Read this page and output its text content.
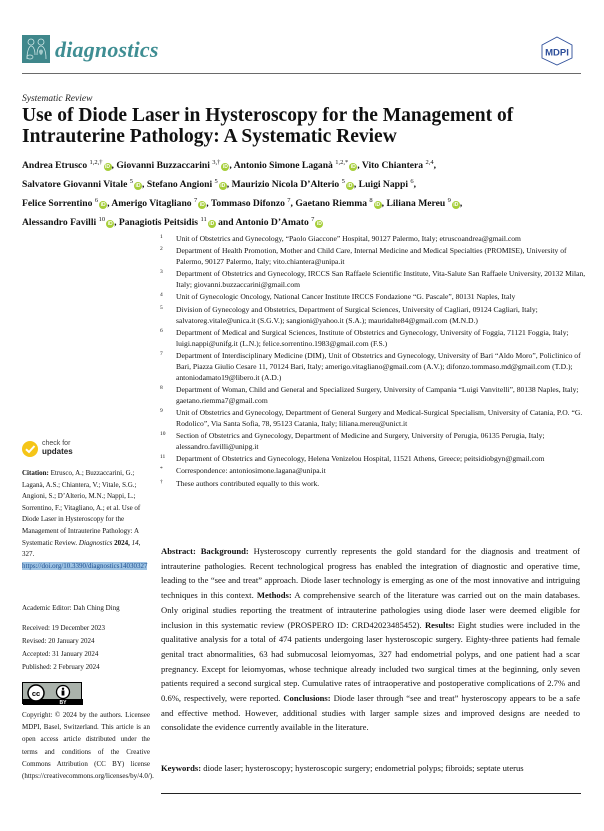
diagnostics	MDPI
Systematic Review
Use of Diode Laser in Hysteroscopy for the Management of Intrauterine Pathology: A Systematic Review
Andrea Etrusco $^{1,2,\dagger}$iD , Giovanni Buzzaccarini $^{3,\dagger}$iD , Antonio Simone Laganà $^{1,2,*}$iD , Vito Chiantera $^{2,4}$,
Salvatore Giovanni Vitale $^5$iD , Stefano Angioni $^5$iD , Maurizio Nicola D’Alterio $^5$iD , Luigi Nappi $^6$,
Felice Sorrentino $^6$iD , Amerigo Vitagliano $^7$iD , Tommaso Difonzo $^7$, Gaetano Riemma $^8$iD , Liliana Mereu $^9$iD ,
Alessandro Favilli $^{10}$iD , Panagiotis Peitsidis $^{11}$iD and Antonio D’Amato $^7$iD
1 Unit of Obstetrics and Gynecology, “Paolo Giaccone” Hospital, 90127 Palermo, Italy; etruscoandrea@gmail.com
2 Department of Health Promotion, Mother and Child Care, Internal Medicine and Medical Specialties (PROMISE), University of Palermo, 90127 Palermo, Italy; vito.chiantera@unipa.it
3 Department of Obstetrics and Gynecology, IRCCS San Raffaele Scientific Institute, Vita-Salute San Raffaele University, 20132 Milan, Italy; giovanni.buzzaccarini@gmail.com
4 Unit of Gynecologic Oncology, National Cancer Institute IRCCS Fondazione “G. Pascale”, 80131 Naples, Italy
5 Division of Gynecology and Obstetrics, Department of Surgical Sciences, University of Cagliari, 09124 Cagliari, Italy; salvatoreg.vitale@unica.it (S.G.V.); sangioni@yahoo.it (S.A.); mauridalte84@gmail.com (M.N.D.)
6 Department of Medical and Surgical Sciences, Institute of Obstetrics and Gynecology, University of Foggia, 71121 Foggia, Italy; luigi.nappi@unifg.it (L.N.); felice.sorrentino.1983@gmail.com (F.S.)
7 Department of Interdisciplinary Medicine (DIM), Unit of Obstetrics and Gynecology, University of Bari “Aldo Moro”, Policlinico of Bari, Piazza Giulio Cesare 11, 70124 Bari, Italy; amerigo.vitagliano@gmail.com (A.V.); difonzo.tommaso.md@gmail.com (T.D.); antoniodamato19@libero.it (A.D.)
8 Department of Woman, Child and General and Specialized Surgery, University of Campania “Luigi Vanvitelli”, 80138 Naples, Italy; gaetano.riemma7@gmail.com
9 Unit of Obstetrics and Gynecology, Department of General Surgery and Medical-Surgical Specialism, University of Catania, P.O. “G. Rodolico”, Via Santa Sofia, 78, 95123 Catania, Italy; liliana.mereu@unict.it
10 Section of Obstetrics and Gynecology, Department of Medicine and Surgery, University of Perugia, 06135 Perugia, Italy; alessandro.favilli@unipg.it
11 Department of Obstetrics and Gynecology, Helena Venizelou Hospital, 11521 Athens, Greece; peitsidiobgyn@gmail.com
* Correspondence: antoniosimone.lagana@unipa.it
† These authors contributed equally to this work.
check for
updates
Citation: Etrusco, A.; Buzzaccarini, G.; Laganà, A.S.; Chiantera, V.; Vitale, S.G.; Angioni, S.; D’Alterio, M.N.; Nappi, L.; Sorrentino, F.; Vitagliano, A.; et al. Use of Diode Laser in Hysteroscopy for the Management of Intrauterine Pathology: A Systematic Review. Diagnostics 2024, 14, 327. https://doi.org/10.3390/diagnostics14030327
Academic Editor: Dah Ching Ding
Received: 19 December 2023
Revised: 20 January 2024
Accepted: 31 January 2024
Published: 2 February 2024
cc
BY
Copyright: © 2024 by the authors. Licensee MDPI, Basel, Switzerland. This article is an open access article distributed under the terms and conditions of the Creative Commons Attribution (CC BY) license (https://creativecommons.org/licenses/by/4.0/).
Abstract: Background: Hysteroscopy currently represents the gold standard for the diagnosis and treatment of intrauterine pathologies. Recent technological progress has enabled the integration of diagnostic and operative time, leading to the “see and treat” approach. Diode laser technology is emerging as one of the most innovative and intriguing techniques in this context. Methods: A comprehensive search of the literature was carried out on the main databases. Only original studies reporting the treatment of intrauterine pathologies using diode laser were deemed eligible for inclusion in this systematic review (PROSPERO ID: CRD42023485452). Results: Eight studies were included in the qualitative analysis for a total of 474 patients undergoing laser hysteroscopic surgery. Eighty-three patients had female genital tract abnormalities, 63 had submucosal leiomyomas, 327 had endometrial polyps, and one patient had a scar pregnancy. Except for leiomyomas, whose technique already included two surgical times at the beginning, only seven patients required a second surgical step. Cumulative rates of intraoperative and postoperative complications of 2.7% and 0.6%, respectively, were reported. Conclusions: Diode laser through “see and treat” hysteroscopy appears to be a safe and effective method. However, additional studies with larger sample sizes and improved designs are needed to consolidate the evidence currently available in the literature.
Keywords: diode laser; hysteroscopy; hysteroscopic surgery; endometrial polyps; fibroids; septate uterus
